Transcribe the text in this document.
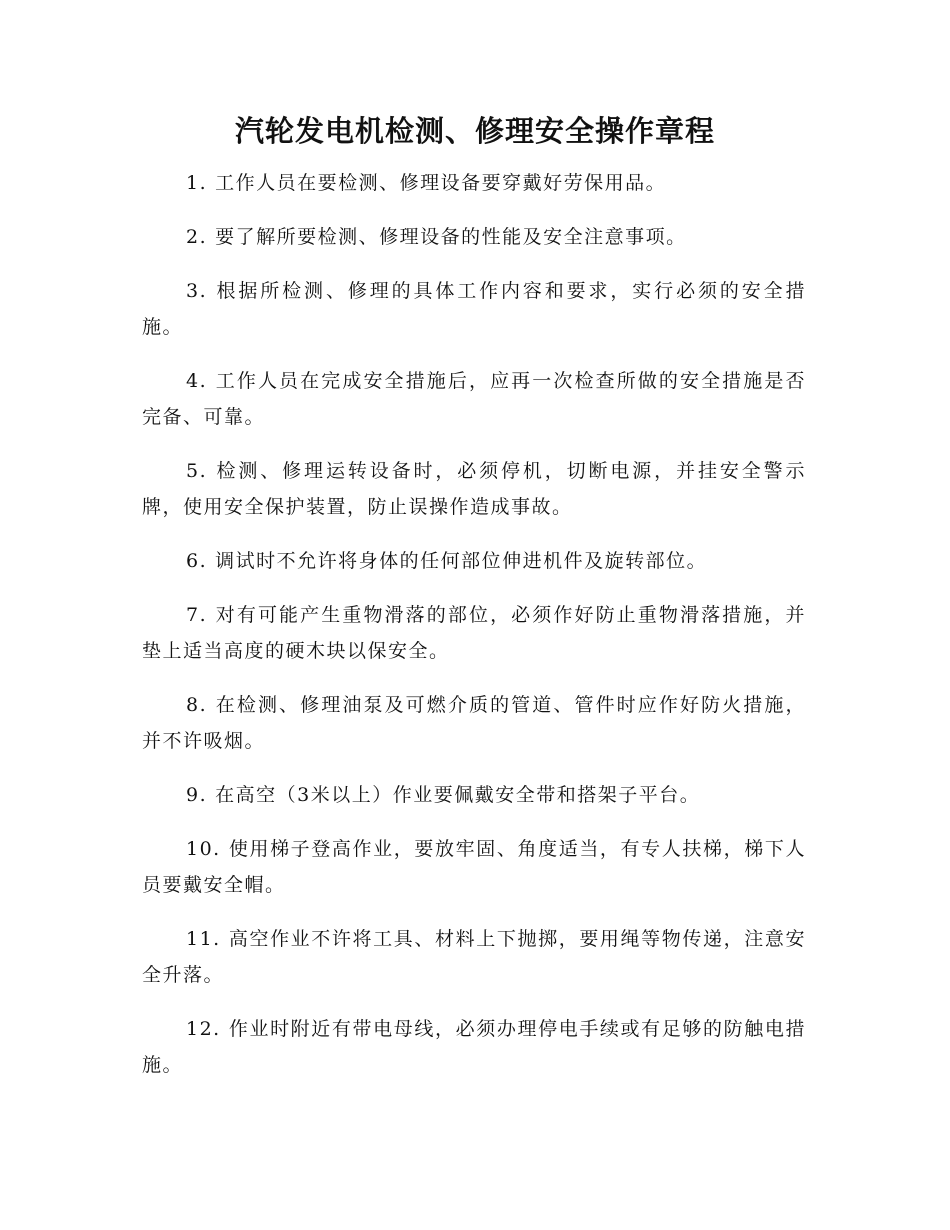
汽轮发电机检测、修理安全操作章程

1. 工作人员在要检测、修理设备要穿戴好劳保用品。

2. 要了解所要检测、修理设备的性能及安全注意事项。

3. 根据所检测、修理的具体工作内容和要求，实行必须的安全措施。

4. 工作人员在完成安全措施后，应再一次检查所做的安全措施是否完备、可靠。

5. 检测、修理运转设备时，必须停机，切断电源，并挂安全警示牌，使用安全保护装置，防止误操作造成事故。

6. 调试时不允许将身体的任何部位伸进机件及旋转部位。

7. 对有可能产生重物滑落的部位，必须作好防止重物滑落措施，并垫上适当高度的硬木块以保安全。

8. 在检测、修理油泵及可燃介质的管道、管件时应作好防火措施，并不许吸烟。

9. 在高空（3米以上）作业要佩戴安全带和搭架子平台。

10. 使用梯子登高作业，要放牢固、角度适当，有专人扶梯，梯下人员要戴安全帽。

11. 高空作业不许将工具、材料上下抛掷，要用绳等物传递，注意安全升落。

12. 作业时附近有带电母线，必须办理停电手续或有足够的防触电措施。
